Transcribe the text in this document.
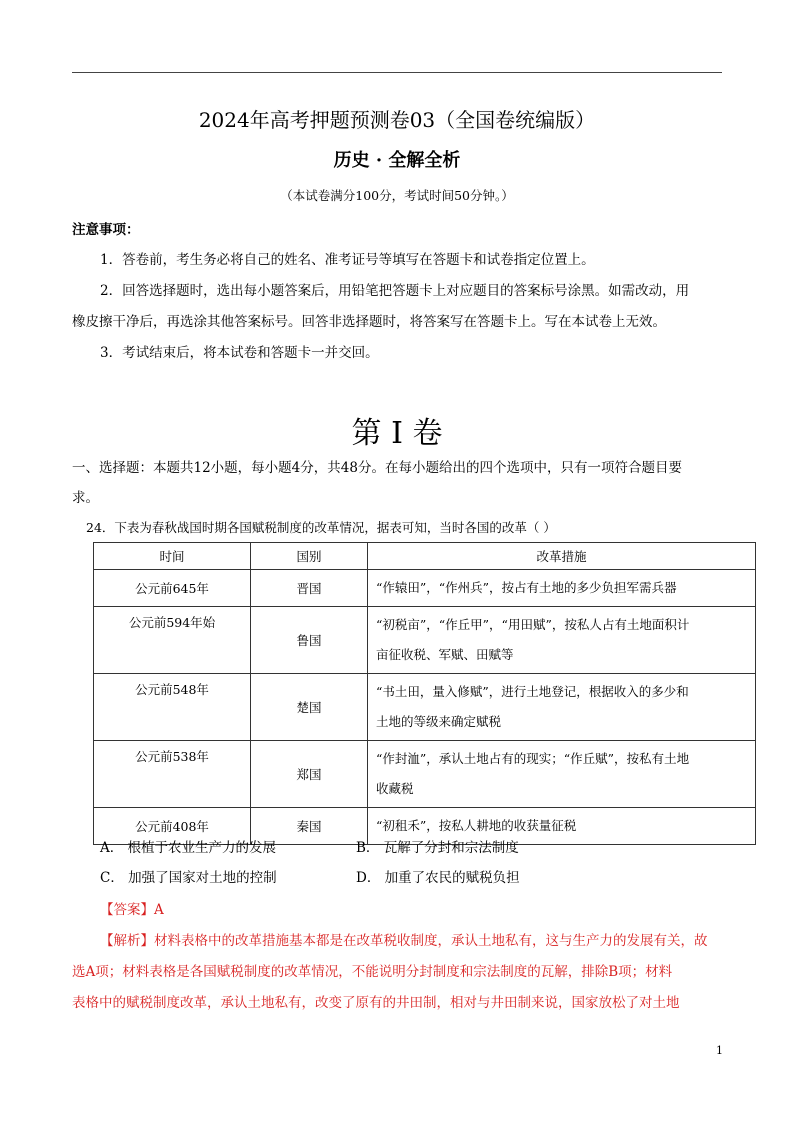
2024年高考押题预测卷03（全国卷统编版）
历史 · 全解全析
（本试卷满分100分，考试时间50分钟。）
注意事项：
1．答卷前，考生务必将自己的姓名、准考证号等填写在答题卡和试卷指定位置上。
2．回答选择题时，选出每小题答案后，用铅笔把答题卡上对应题目的答案标号涂黑。如需改动，用
橡皮擦干净后，再选涂其他答案标号。回答非选择题时，将答案写在答题卡上。写在本试卷上无效。
3．考试结束后，将本试卷和答题卡一并交回。
第 I 卷
一、选择题：本题共12小题，每小题4分，共48分。在每小题给出的四个选项中，只有一项符合题目要
求。
24．下表为春秋战国时期各国赋税制度的改革情况，据表可知，当时各国的改革（ ）
时间	国别	改革措施
公元前645年	晋国	“作辕田”，“作州兵”，按占有土地的多少负担军需兵器

公元前594年始	鲁国	“初税亩”，“作丘甲”，“用田赋”，按私人占有土地面积计
亩征收税、军赋、田赋等

公元前548年	楚国	“书土田，量入修赋”，进行土地登记，根据收入的多少和
土地的等级来确定赋税

公元前538年	郑国	“作封洫”，承认土地占有的现实；“作丘赋”，按私有土地
收藏税

公元前408年	秦国	“初租禾”，按私人耕地的收获量征税
A． 根植于农业生产力的发展	B． 瓦解了分封和宗法制度
C． 加强了国家对土地的控制	D． 加重了农民的赋税负担
【答案】A
【解析】材料表格中的改革措施基本都是在改革税收制度，承认土地私有，这与生产力的发展有关，故
选A项；材料表格是各国赋税制度的改革情况，不能说明分封制度和宗法制度的瓦解，排除B项；材料
表格中的赋税制度改革，承认土地私有，改变了原有的井田制，相对与井田制来说，国家放松了对土地
1
